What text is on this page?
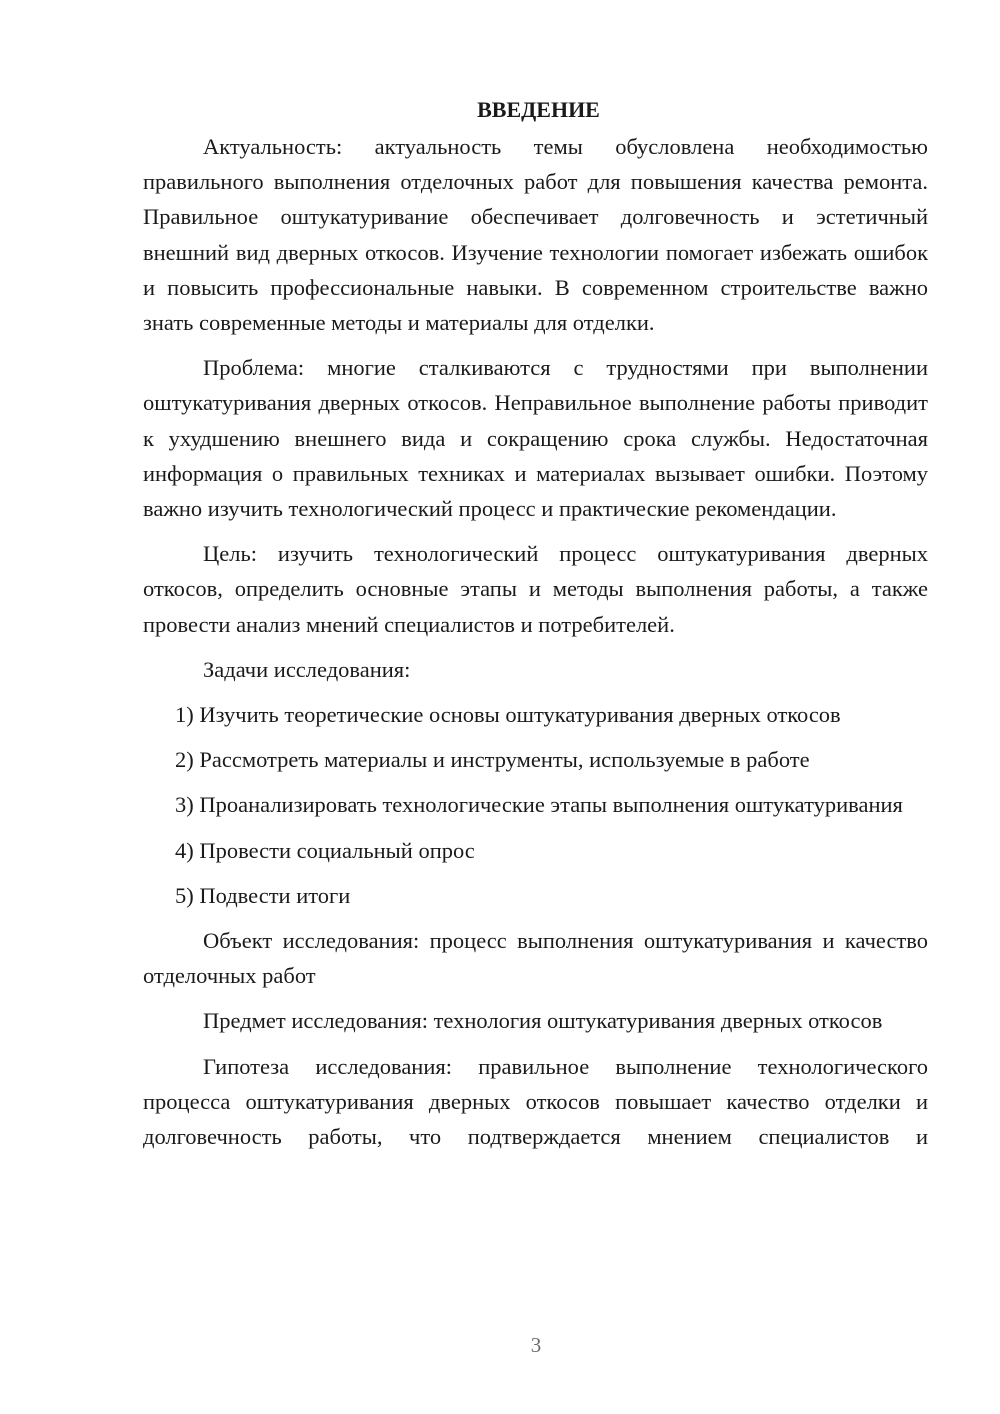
ВВЕДЕНИЕ

Актуальность: актуальность темы обусловлена необходимостью правильного выполнения отделочных работ для повышения качества ремонта. Правильное оштукатуривание обеспечивает долговечность и эстетичный внешний вид дверных откосов. Изучение технологии помогает избежать ошибок и повысить профессиональные навыки. В современном строительстве важно знать современные методы и материалы для отделки.

Проблема: многие сталкиваются с трудностями при выполнении оштукатуривания дверных откосов. Неправильное выполнение работы приводит к ухудшению внешнего вида и сокращению срока службы. Недостаточная информация о правильных техниках и материалах вызывает ошибки. Поэтому важно изучить технологический процесс и практические рекомендации.

Цель: изучить технологический процесс оштукатуривания дверных откосов, определить основные этапы и методы выполнения работы, а также провести анализ мнений специалистов и потребителей.

Задачи исследования:

1) Изучить теоретические основы оштукатуривания дверных откосов

2) Рассмотреть материалы и инструменты, используемые в работе

3) Проанализировать технологические этапы выполнения оштукатуривания

4) Провести социальный опрос

5) Подвести итоги

Объект исследования: процесс выполнения оштукатуривания и качество отделочных работ

Предмет исследования: технология оштукатуривания дверных откосов

Гипотеза исследования: правильное выполнение технологического процесса оштукатуривания дверных откосов повышает качество отделки и долговечность работы, что подтверждается мнением специалистов и

3
